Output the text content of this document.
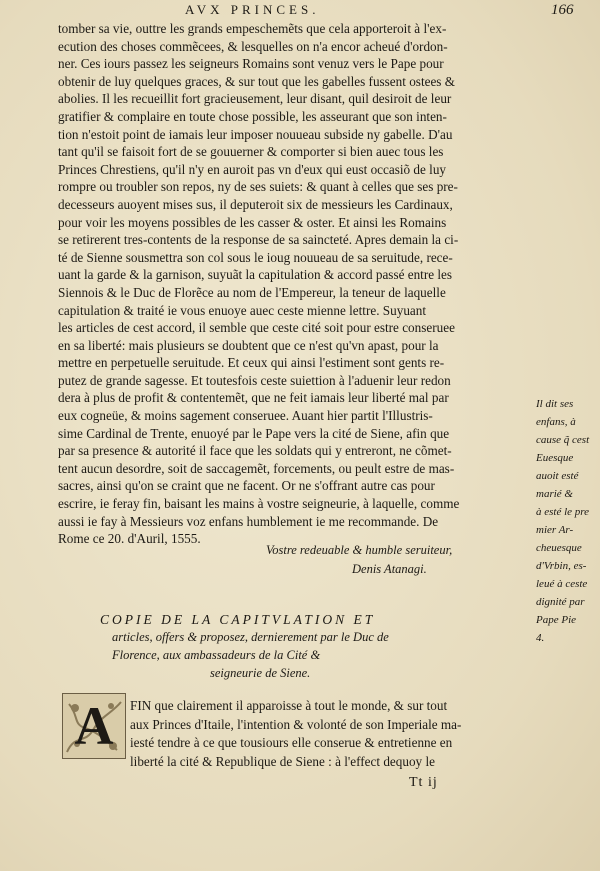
AVX PRINCES.	166
tomber sa vie, outtre les grands empeschemẽts que cela apporteroit à l'ex-
ecution des choses commẽcees, & lesquelles on n'a encor acheué d'ordon-
ner. Ces iours passez les seigneurs Romains sont venuz vers le Pape pour
obtenir de luy quelques graces, & sur tout que les gabelles fussent ostees &
abolies. Il les recueillit fort gracieusement, leur disant, quil desiroit de leur
gratifier & complaire en toute chose possible, les asseurant que son inten-
tion n'estoit point de iamais leur imposer nouueau subside ny gabelle. D'au
tant qu'il se faisoit fort de se gouuerner & comporter si bien auec tous les
Princes Chrestiens, qu'il n'y en auroit pas vn d'eux qui eust occasiõ de luy
rompre ou troubler son repos, ny de ses suiets: & quant à celles que ses pre-
decesseurs auoyent mises sus, il deputeroit six de messieurs les Cardinaux,
pour voir les moyens possibles de les casser & oster. Et ainsi les Romains
se retirerent tres-contents de la response de sa saincteté. Apres demain la ci-
té de Sienne sousmettra son col sous le ioug nouueau de sa seruitude, rece-
uant la garde & la garnison, suyuãt la capitulation & accord passé entre les
Siennois & le Duc de Florẽce au nom de l'Empereur, la teneur de laquelle
capitulation & traité ie vous enuoye auec ceste mienne lettre. Suyuant
les articles de cest accord, il semble que ceste cité soit pour estre conseruee
en sa liberté: mais plusieurs se doubtent que ce n'est qu'vn apast, pour la
mettre en perpetuelle seruitude. Et ceux qui ainsi l'estiment sont gents re-
putez de grande sagesse. Et toutesfois ceste suiettion à l'aduenir leur redon
dera à plus de profit & contentemẽt, que ne feit iamais leur liberté mal par
eux cogneüe, & moins sagement conseruee. Auant hier partit l'Illustris-
sime Cardinal de Trente, enuoyé par le Pape vers la cité de Siene, afin que
par sa presence & autorité il face que les soldats qui y entreront, ne cõmet-
tent aucun desordre, soit de saccagemẽt, forcements, ou peult estre de mas-
sacres, ainsi qu'on se craint que ne facent. Or ne s'offrant autre cas pour
escrire, ie feray fin, baisant les mains à vostre seigneurie, à laquelle, comme
aussi ie fay à Messieurs voz enfans humblement ie me recommande. De
Rome ce 20. d'Auril, 1555.
Il dit ses
enfans, à
cause q̃ cest
Euesque
auoit esté
marié &
à esté le pre
mier Ar-
cheuesque
d'Vrbin, es-
leué à ceste
dignité par
Pape Pie
4.
Vostre redeuable & humble seruiteur,
Denis Atanagi.
COPIE DE LA CAPITVLATION ET
articles, offers & proposez, dernierement par le Duc de
Florence, aux ambassadeurs de la Cité &
seigneurie de Siene.
A	FIN que clairement il apparoisse à tout le monde, & sur tout
aux Princes d'Itaile, l'intention & volonté de son Imperiale ma-
iesté tendre à ce que tousiours elle conserue & entretienne en
liberté la cité & Republique de Siene : à l'effect dequoy le
Tt ij
